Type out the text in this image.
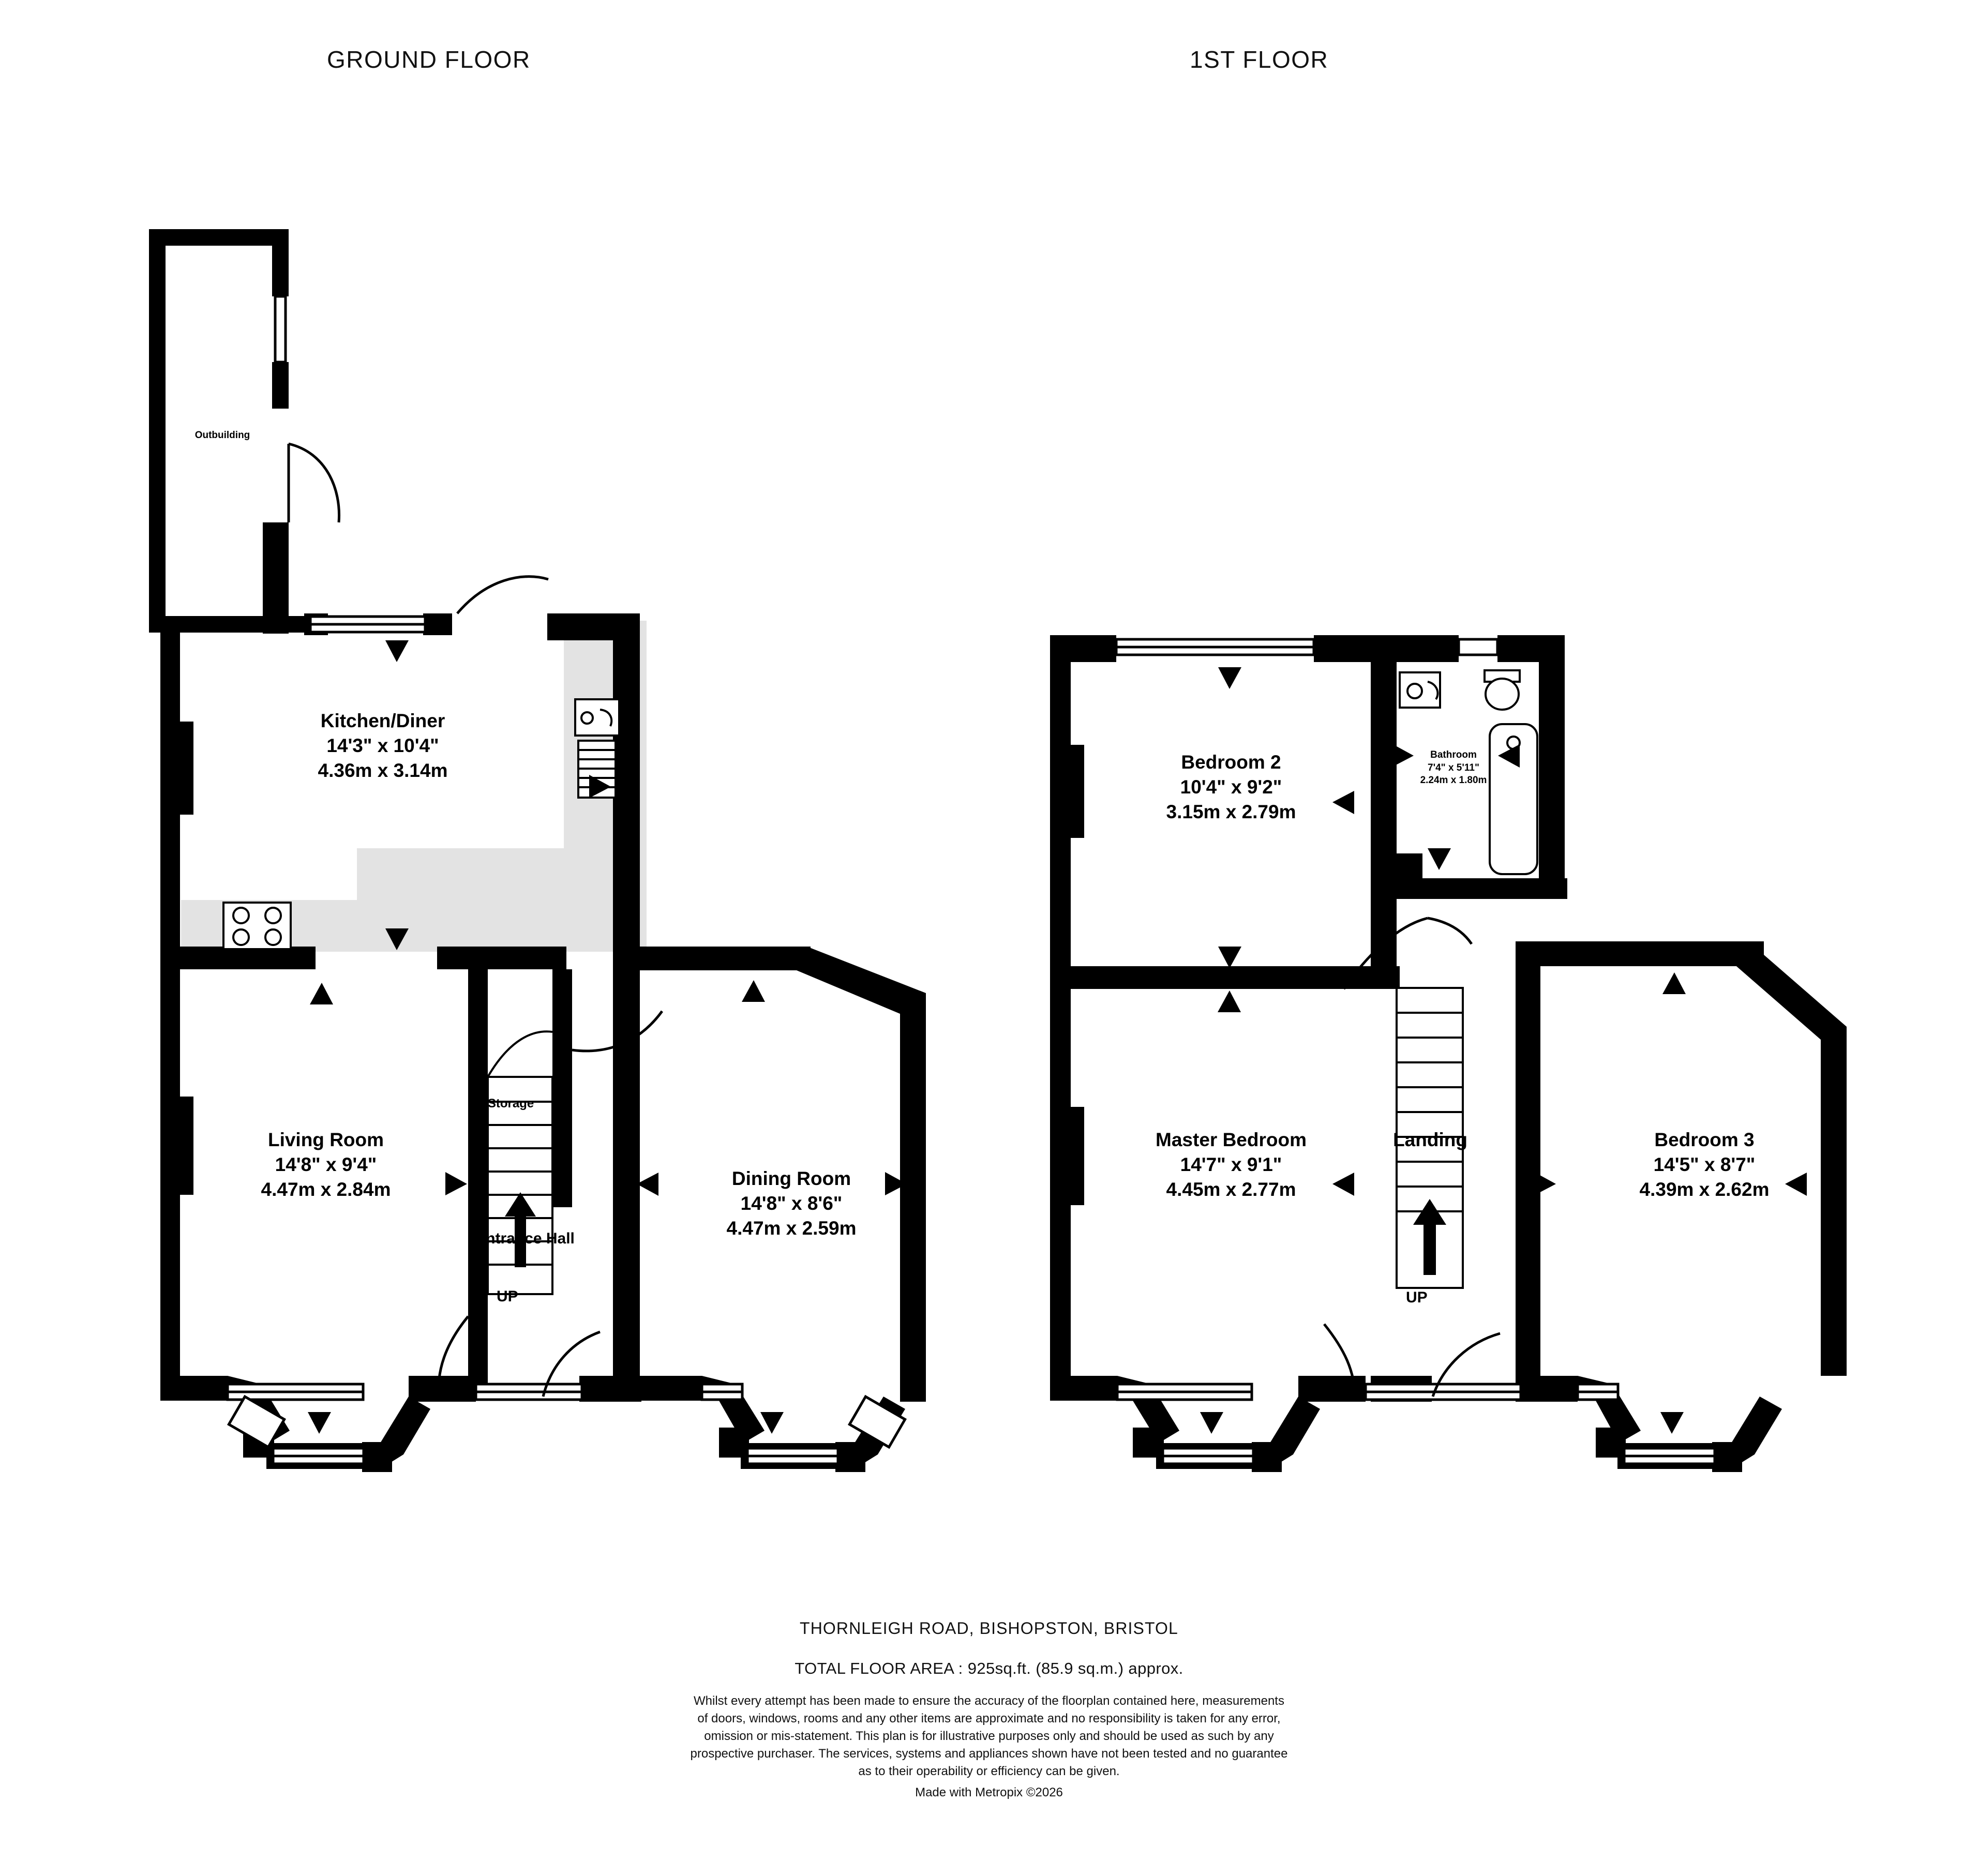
GROUND FLOOR	1ST FLOOR
Outbuilding
Kitchen/Diner
14'3" x 10'4"
4.36m x 3.14m
Living Room
14'8" x 9'4"
4.47m x 2.84m
Storage
Entrance Hall
UP
Dining Room
14'8" x 8'6"
4.47m x 2.59m
Bedroom 2
10'4" x 9'2"
3.15m x 2.79m
Bathroom
7'4" x 5'11"
2.24m x 1.80m
Master Bedroom
14'7" x 9'1"
4.45m x 2.77m
Landing
UP
Bedroom 3
14'5" x 8'7"
4.39m x 2.62m
THORNLEIGH ROAD, BISHOPSTON, BRISTOL
TOTAL FLOOR AREA : 925sq.ft. (85.9 sq.m.) approx.
Whilst every attempt has been made to ensure the accuracy of the floorplan contained here, measurements
of doors, windows, rooms and any other items are approximate and no responsibility is taken for any error,
omission or mis-statement. This plan is for illustrative purposes only and should be used as such by any
prospective purchaser. The services, systems and appliances shown have not been tested and no guarantee
as to their operability or efficiency can be given.
Made with Metropix ©2026
